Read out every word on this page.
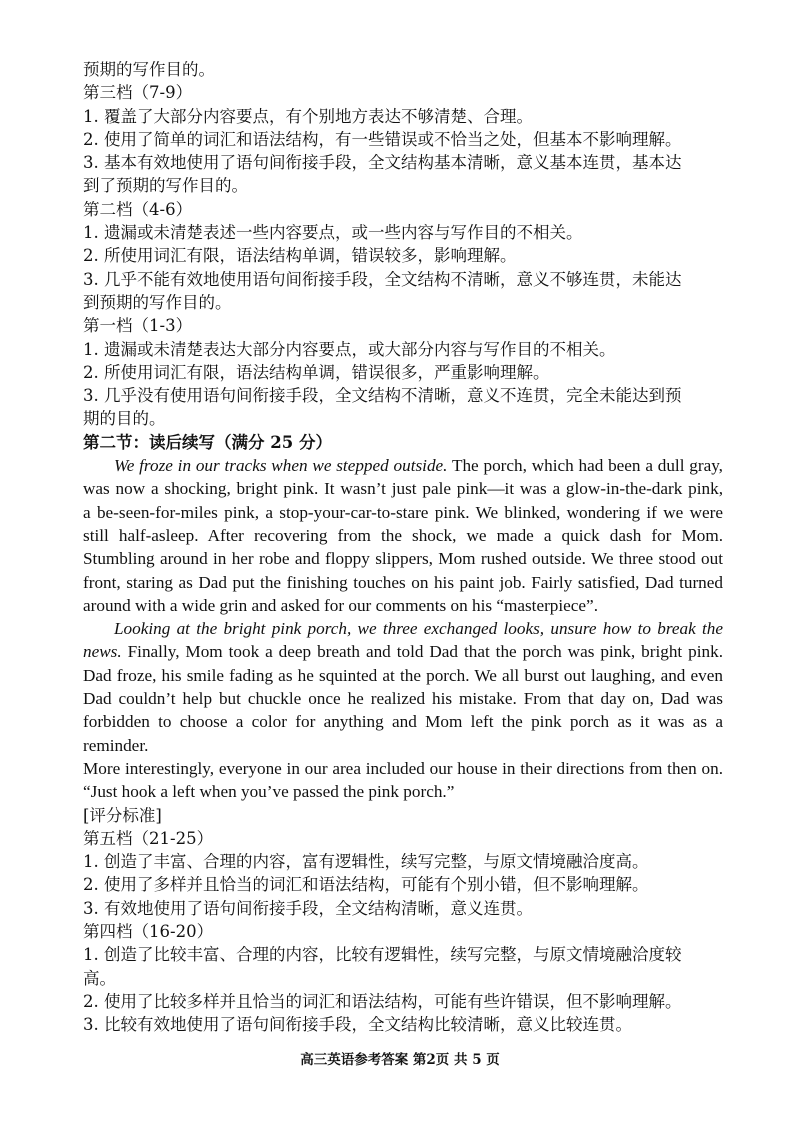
预期的写作目的。
第三档（7-9）
1. 覆盖了大部分内容要点，有个别地方表达不够清楚、合理。
2. 使用了简单的词汇和语法结构，有一些错误或不恰当之处，但基本不影响理解。
3. 基本有效地使用了语句间衔接手段，全文结构基本清晰，意义基本连贯，基本达
到了预期的写作目的。
第二档（4-6）
1. 遗漏或未清楚表述一些内容要点，或一些内容与写作目的不相关。
2. 所使用词汇有限，语法结构单调，错误较多，影响理解。
3. 几乎不能有效地使用语句间衔接手段，全文结构不清晰，意义不够连贯，未能达
到预期的写作目的。
第一档（1-3）
1. 遗漏或未清楚表达大部分内容要点，或大部分内容与写作目的不相关。
2. 所使用词汇有限，语法结构单调，错误很多，严重影响理解。
3. 几乎没有使用语句间衔接手段，全文结构不清晰，意义不连贯，完全未能达到预
期的目的。
第二节：读后续写（满分 25 分）
We froze in our tracks when we stepped outside. The porch, which had been a dull gray,
was now a shocking, bright pink. It wasn’t just pale pink—it was a glow-in-the-dark pink,
a be-seen-for-miles pink, a stop-your-car-to-stare pink. We blinked, wondering if we were
still half-asleep. After recovering from the shock, we made a quick dash for Mom.
Stumbling around in her robe and floppy slippers, Mom rushed outside. We three stood out
front, staring as Dad put the finishing touches on his paint job. Fairly satisfied, Dad turned
around with a wide grin and asked for our comments on his “masterpiece”.
Looking at the bright pink porch, we three exchanged looks, unsure how to break the
news. Finally, Mom took a deep breath and told Dad that the porch was pink, bright pink.
Dad froze, his smile fading as he squinted at the porch. We all burst out laughing, and even
Dad couldn’t help but chuckle once he realized his mistake. From that day on, Dad was
forbidden to choose a color for anything and Mom left the pink porch as it was as a reminder.
More interestingly, everyone in our area included our house in their directions from then on.
“Just hook a left when you’ve passed the pink porch.”
[评分标准]
第五档（21-25）
1. 创造了丰富、合理的内容，富有逻辑性，续写完整，与原文情境融洽度高。
2. 使用了多样并且恰当的词汇和语法结构，可能有个别小错，但不影响理解。
3. 有效地使用了语句间衔接手段，全文结构清晰，意义连贯。
第四档（16-20）
1. 创造了比较丰富、合理的内容，比较有逻辑性，续写完整，与原文情境融洽度较
高。
2. 使用了比较多样并且恰当的词汇和语法结构，可能有些许错误，但不影响理解。
3. 比较有效地使用了语句间衔接手段，全文结构比较清晰，意义比较连贯。
高三英语参考答案 第2页 共 5 页
